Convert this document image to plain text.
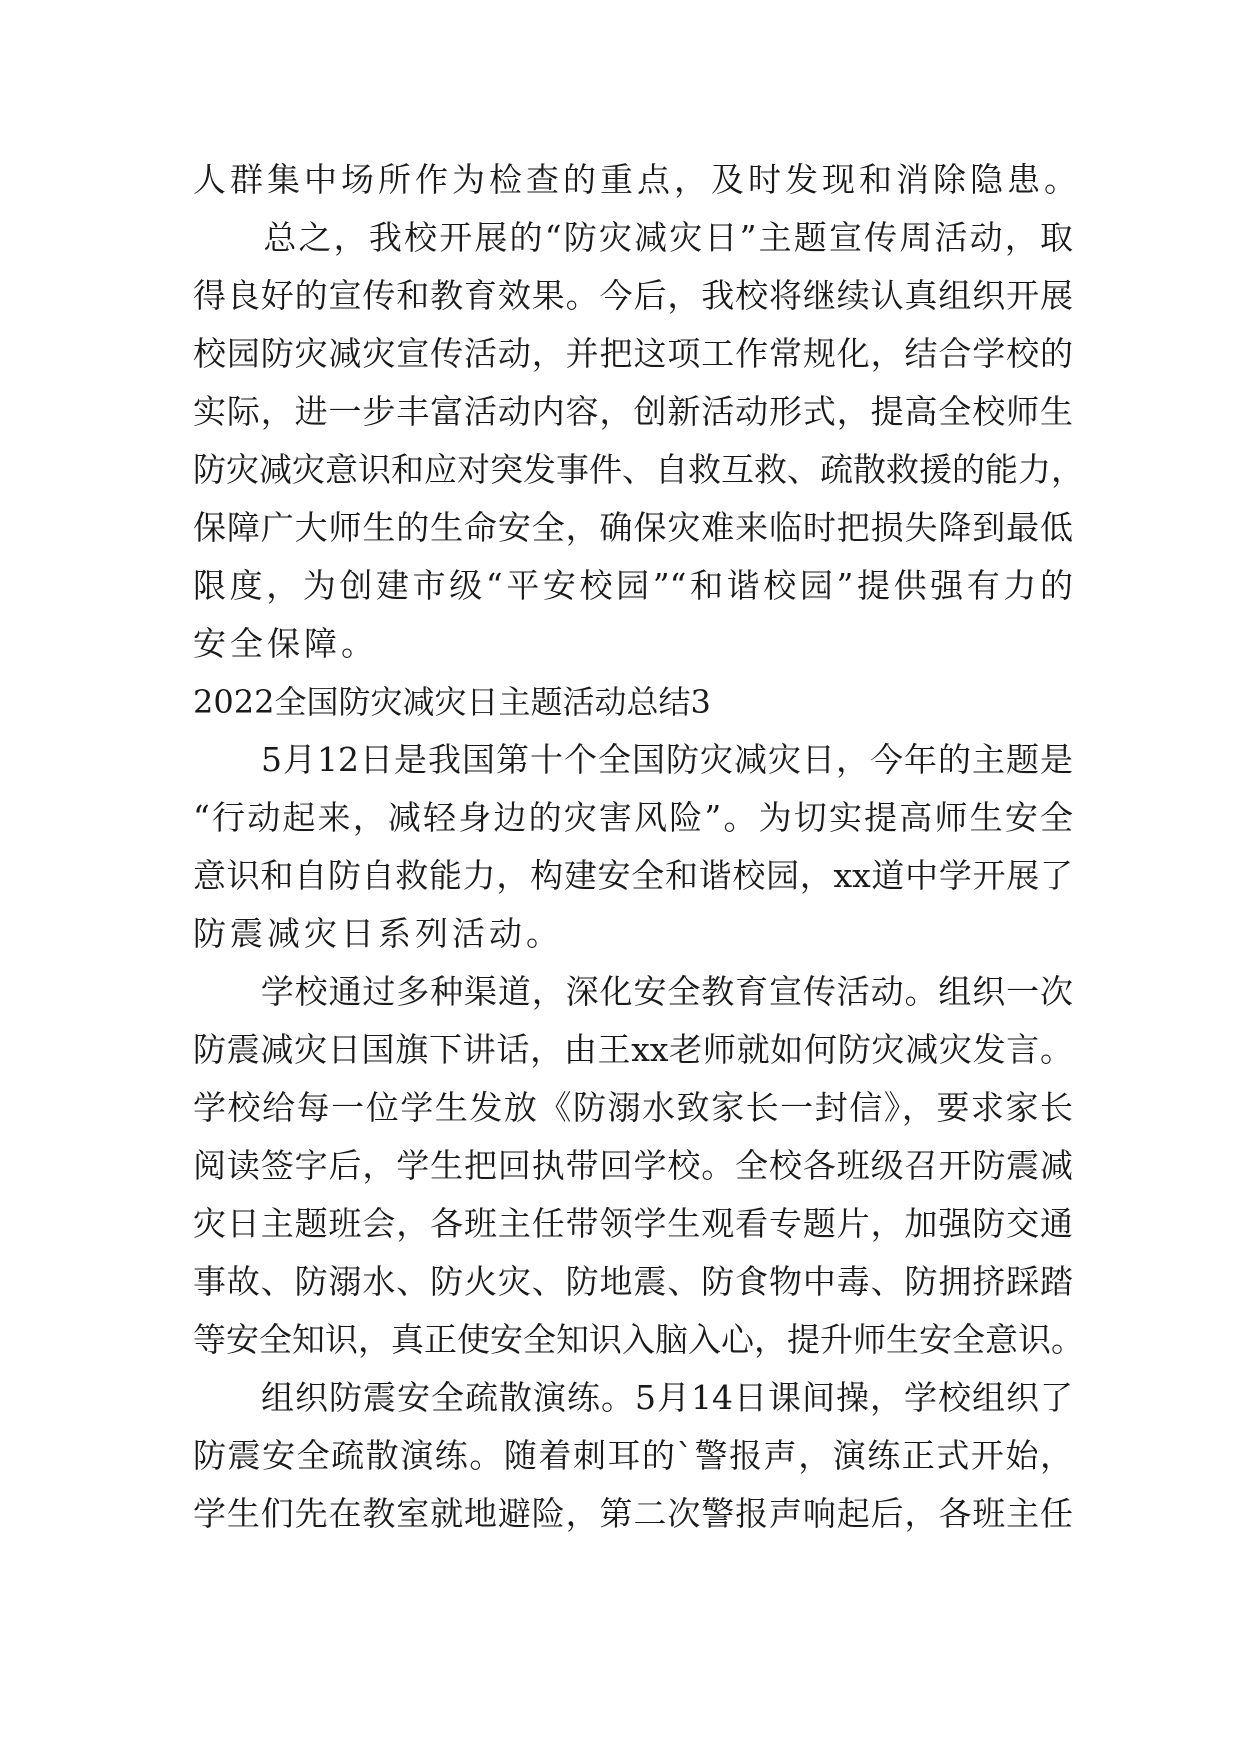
人群集中场所作为检查的重点，及时发现和消除隐患。
　　总之，我校开展的“防灾减灾日”主题宣传周活动，取
得良好的宣传和教育效果。今后，我校将继续认真组织开展
校园防灾减灾宣传活动，并把这项工作常规化，结合学校的
实际，进一步丰富活动内容，创新活动形式，提高全校师生
防灾减灾意识和应对突发事件、自救互救、疏散救援的能力，
保障广大师生的生命安全，确保灾难来临时把损失降到最低
限度，为创建市级“平安校园”“和谐校园”提供强有力的
安全保障。
2022全国防灾减灾日主题活动总结3
　　5月12日是我国第十个全国防灾减灾日，今年的主题是
“行动起来，减轻身边的灾害风险”。为切实提高师生安全
意识和自防自救能力，构建安全和谐校园，xx道中学开展了
防震减灾日系列活动。
　　学校通过多种渠道，深化安全教育宣传活动。组织一次
防震减灾日国旗下讲话，由王xx老师就如何防灾减灾发言。
学校给每一位学生发放《防溺水致家长一封信》，要求家长
阅读签字后，学生把回执带回学校。全校各班级召开防震减
灾日主题班会，各班主任带领学生观看专题片，加强防交通
事故、防溺水、防火灾、防地震、防食物中毒、防拥挤踩踏
等安全知识，真正使安全知识入脑入心，提升师生安全意识。
　　组织防震安全疏散演练。5月14日课间操，学校组织了
防震安全疏散演练。随着刺耳的`警报声，演练正式开始，
学生们先在教室就地避险，第二次警报声响起后，各班主任
